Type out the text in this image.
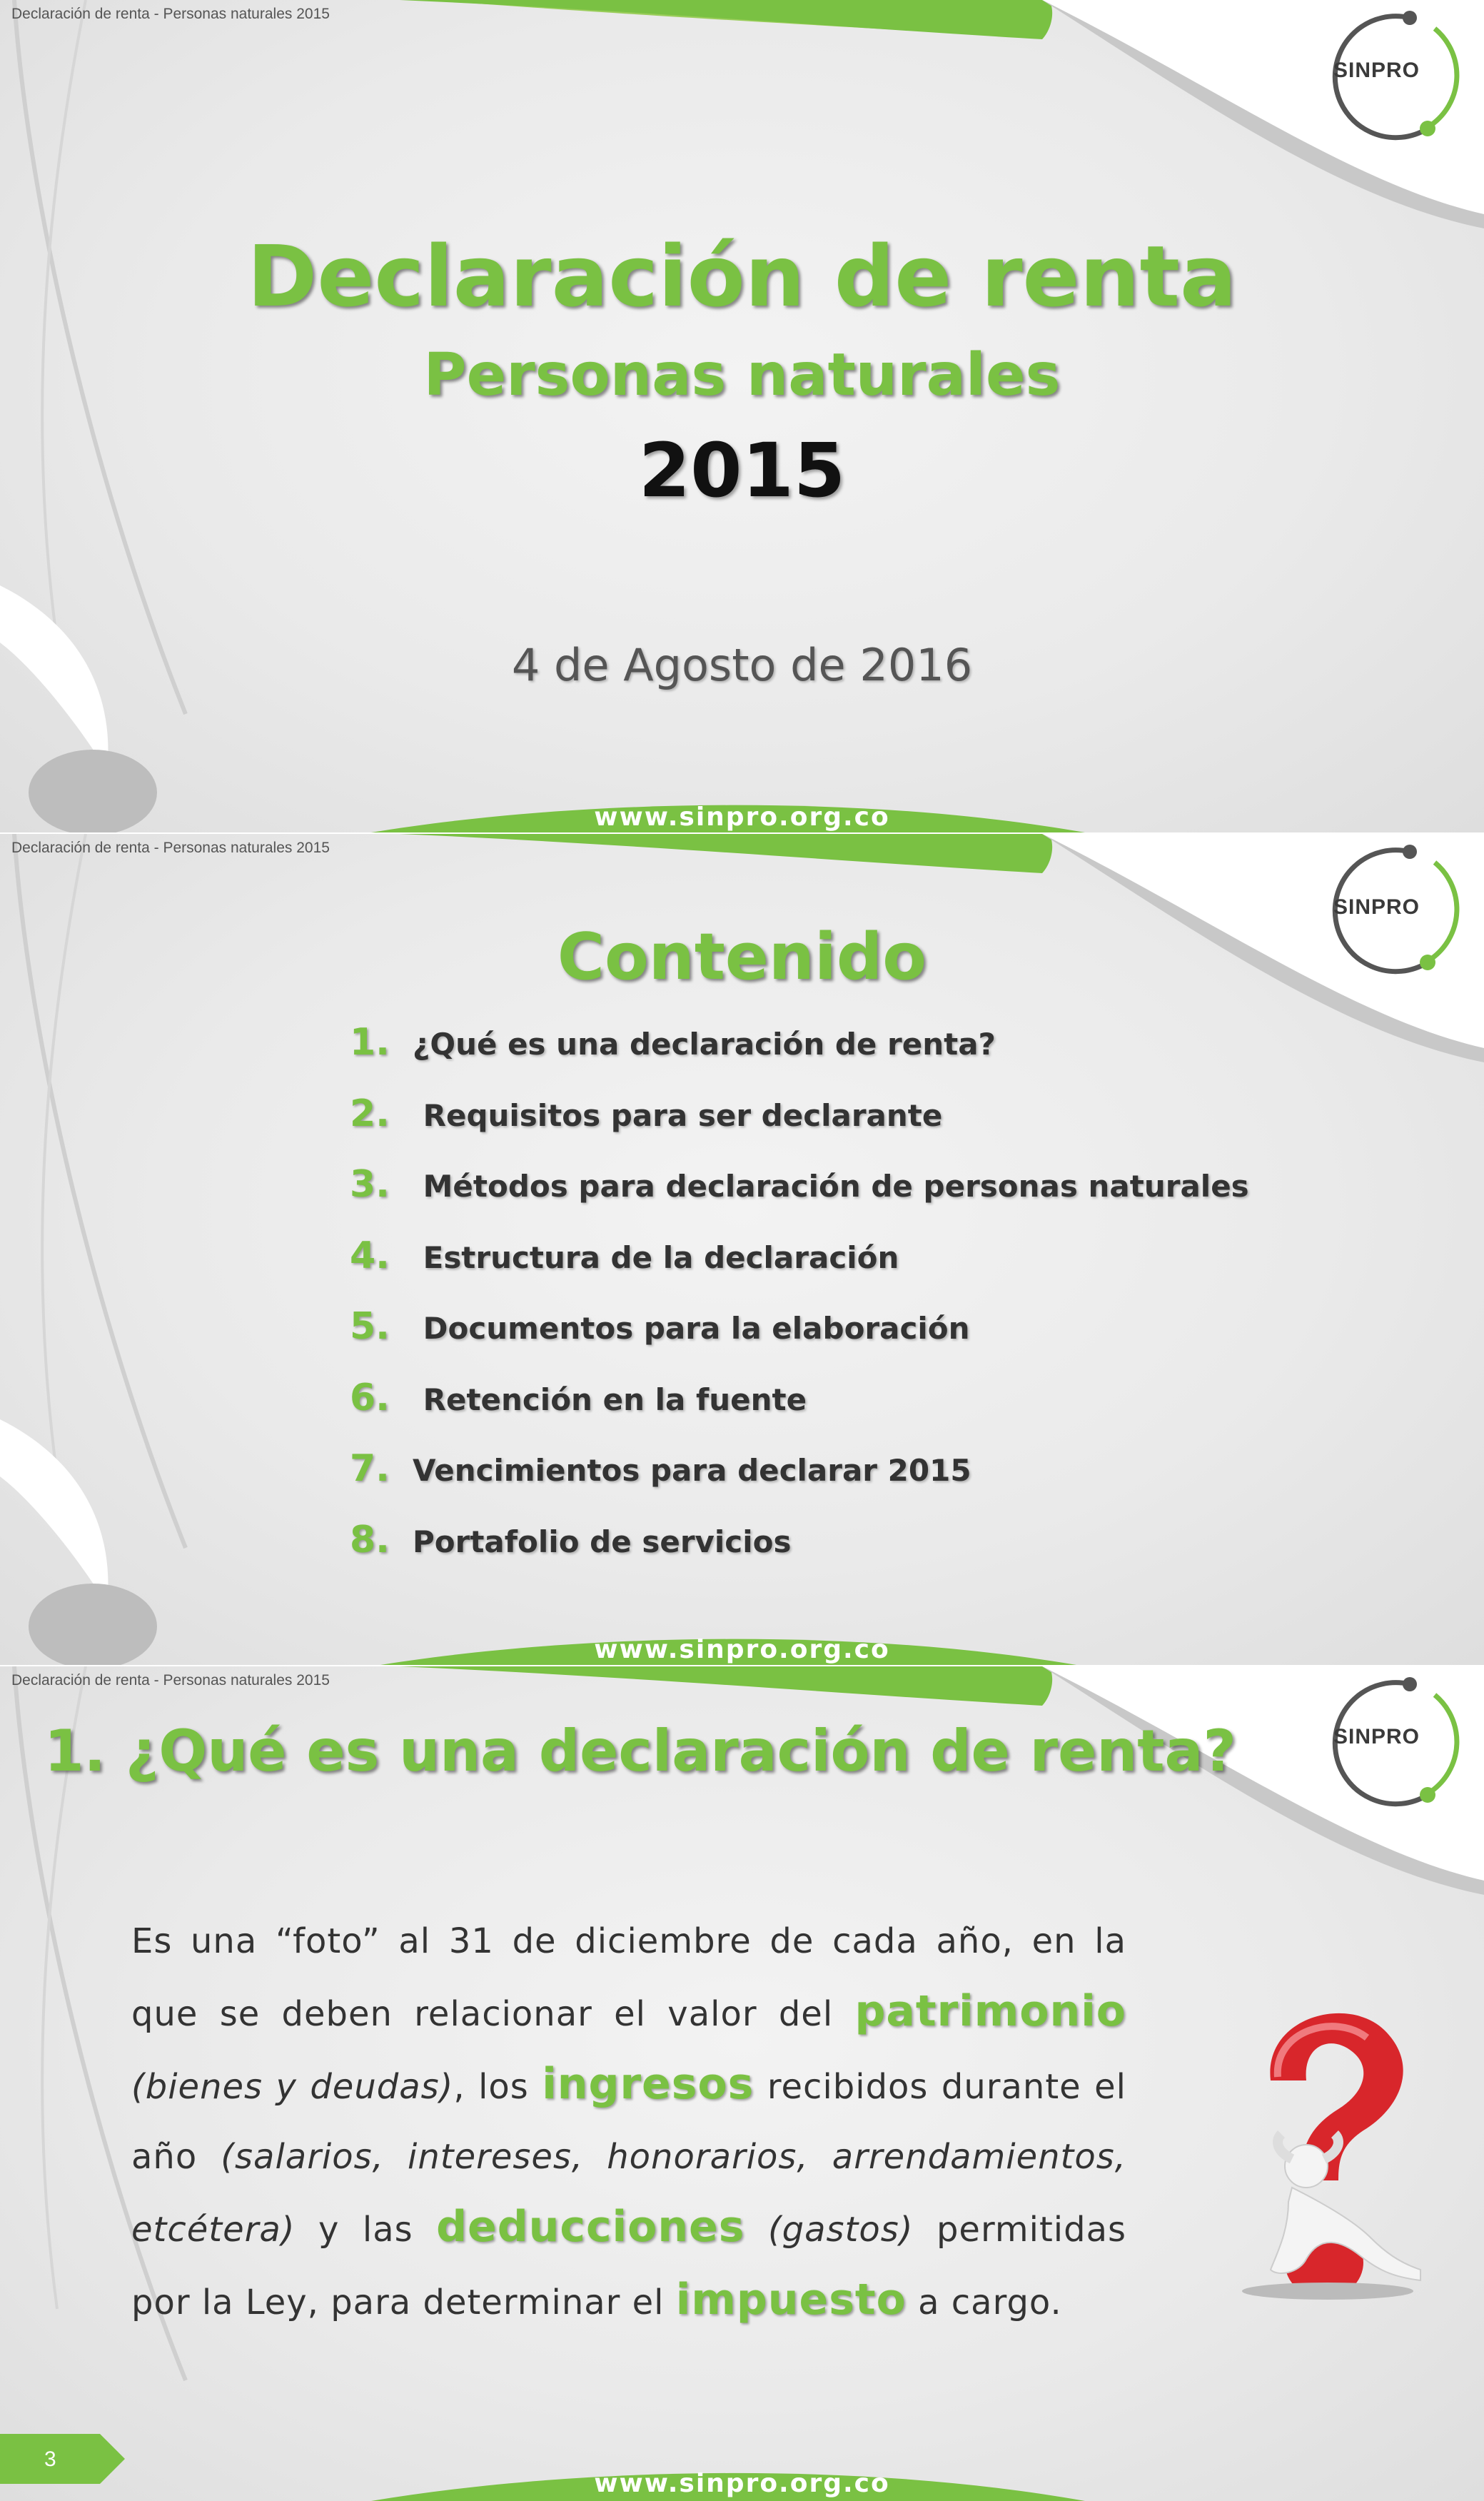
Declaración de renta - Personas naturales 2015
SINPRO
Declaración de renta
Personas naturales
2015
4 de Agosto de 2016
www.sinpro.org.co
Declaración de renta - Personas naturales 2015
SINPRO
Contenido
1. ¿Qué es una declaración de renta?
2. Requisitos para ser declarante
3. Métodos para declaración de personas naturales
4. Estructura de la declaración
5. Documentos para la elaboración
6. Retención en la fuente
7. Vencimientos para declarar 2015
8. Portafolio de servicios
www.sinpro.org.co
Declaración de renta - Personas naturales 2015
SINPRO
1. ¿Qué es una declaración de renta?
Es una “foto” al 31 de diciembre de cada año, en la que se deben relacionar el valor del patrimonio (bienes y deudas), los ingresos recibidos durante el año (salarios, intereses, honorarios, arrendamientos, etcétera) y las deducciones (gastos) permitidas por la Ley, para determinar el impuesto a cargo.
3
www.sinpro.org.co
